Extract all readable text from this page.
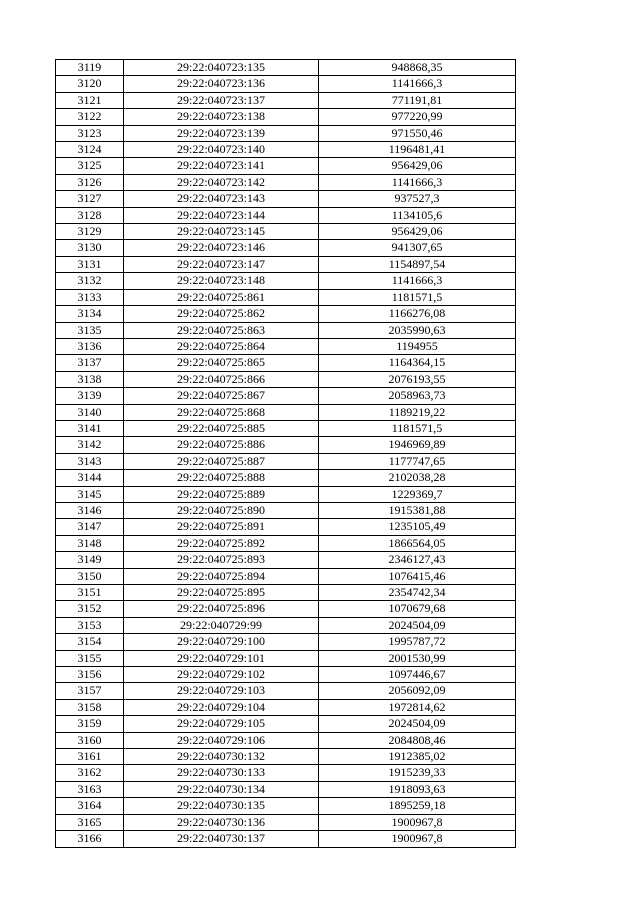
3119	29:22:040723:135	948868,35
3120	29:22:040723:136	1141666,3
3121	29:22:040723:137	771191,81
3122	29:22:040723:138	977220,99
3123	29:22:040723:139	971550,46
3124	29:22:040723:140	1196481,41
3125	29:22:040723:141	956429,06
3126	29:22:040723:142	1141666,3
3127	29:22:040723:143	937527,3
3128	29:22:040723:144	1134105,6
3129	29:22:040723:145	956429,06
3130	29:22:040723:146	941307,65
3131	29:22:040723:147	1154897,54
3132	29:22:040723:148	1141666,3
3133	29:22:040725:861	1181571,5
3134	29:22:040725:862	1166276,08
3135	29:22:040725:863	2035990,63
3136	29:22:040725:864	1194955
3137	29:22:040725:865	1164364,15
3138	29:22:040725:866	2076193,55
3139	29:22:040725:867	2058963,73
3140	29:22:040725:868	1189219,22
3141	29:22:040725:885	1181571,5
3142	29:22:040725:886	1946969,89
3143	29:22:040725:887	1177747,65
3144	29:22:040725:888	2102038,28
3145	29:22:040725:889	1229369,7
3146	29:22:040725:890	1915381,88
3147	29:22:040725:891	1235105,49
3148	29:22:040725:892	1866564,05
3149	29:22:040725:893	2346127,43
3150	29:22:040725:894	1076415,46
3151	29:22:040725:895	2354742,34
3152	29:22:040725:896	1070679,68
3153	29:22:040729:99	2024504,09
3154	29:22:040729:100	1995787,72
3155	29:22:040729:101	2001530,99
3156	29:22:040729:102	1097446,67
3157	29:22:040729:103	2056092,09
3158	29:22:040729:104	1972814,62
3159	29:22:040729:105	2024504,09
3160	29:22:040729:106	2084808,46
3161	29:22:040730:132	1912385,02
3162	29:22:040730:133	1915239,33
3163	29:22:040730:134	1918093,63
3164	29:22:040730:135	1895259,18
3165	29:22:040730:136	1900967,8
3166	29:22:040730:137	1900967,8
